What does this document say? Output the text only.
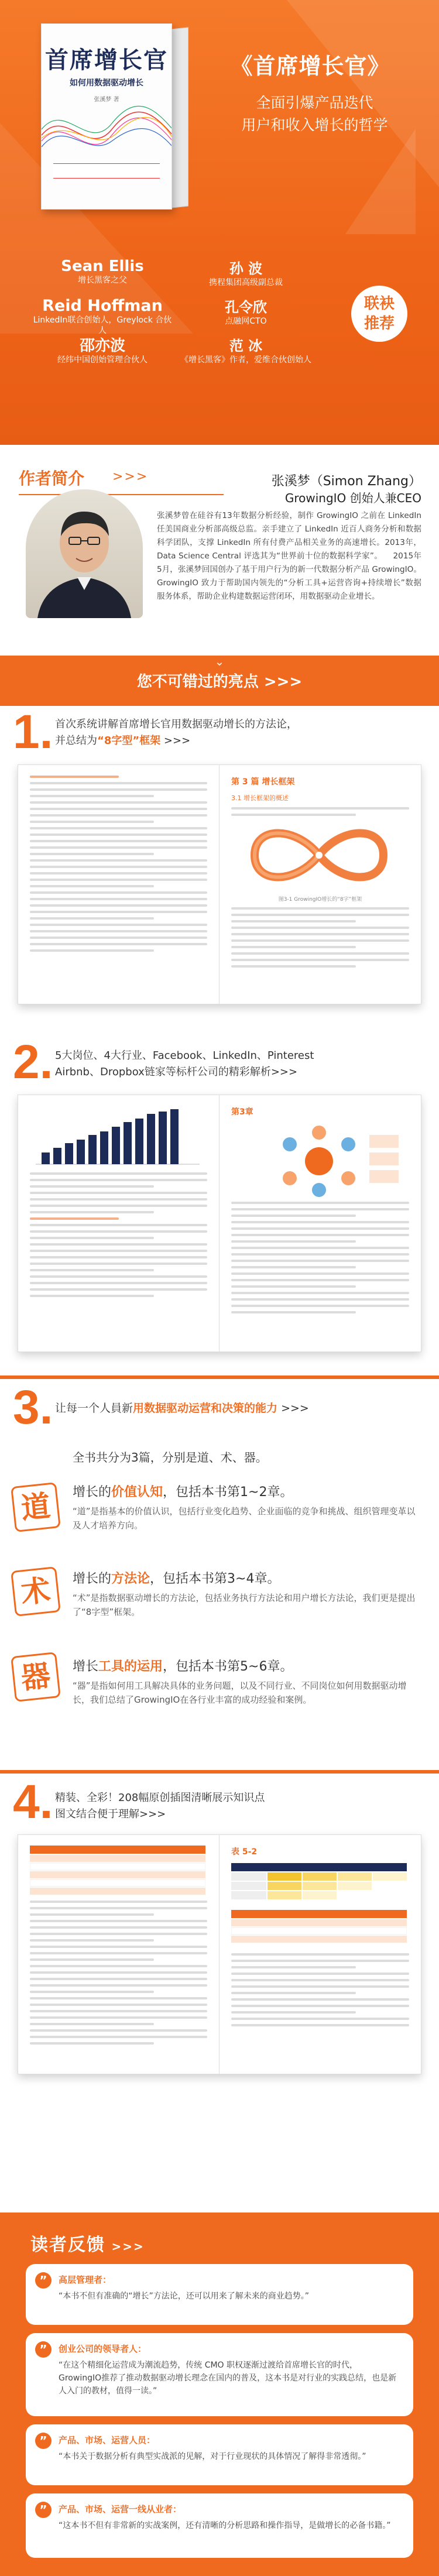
首席增长官
如何用数据驱动增长
张溪梦 著
《首席增长官》
全面引爆产品迭代
用户和收入增长的哲学
Sean Ellis
增长黑客之父
Reid Hoffman
LinkedIn联合创始人，Greylock 合伙人
邵亦波
经纬中国创始管理合伙人
孙 波
携程集团高级副总裁
孔令欣
点融网CTO
范 冰
《增长黑客》作者，爱维合伙创始人
联袂
推荐
作者简介 >>>	张溪梦（Simon Zhang）
GrowingIO 创始人兼CEO
张溪梦曾在硅谷有13年数据分析经验，制作 GrowingIO 之前在 LinkedIn 任美国商业分析部高级总监。亲手建立了 LinkedIn 近百人商务分析和数据科学团队，支撑 LinkedIn 所有付费产品相关业务的高速增长。2013年，Data Science Central 评选其为“世界前十位的数据科学家”。    2015年5月，张溪梦回国创办了基于用户行为的新一代数据分析产品 GrowingIO。GrowingIO 致力于帮助国内领先的“分析工具+运营咨询+持续增长”数据服务体系，帮助企业构建数据运营闭环，用数据驱动企业增长。
⌄
您不可错过的亮点 >>>
1. 首次系统讲解首席增长官用数据驱动增长的方法论，
并总结为“8字型”框架 >>>
第 3 篇 增长框架
3.1 增长框架的概述
图3-1 GrowingIO增长的“8字”框架
2. 5大岗位、4大行业、Facebook、LinkedIn、Pinterest
Airbnb、Dropbox链家等标杆公司的精彩解析>>>
第3章
3. 让每一个人員新用数据驱动运营和决策的能力 >>>
全书共分为3篇，分别是道、术、器。
道	增长的价值认知，包括本书第1~2章。
“道”是指基本的价值认识，包括行业变化趋势、企业面临的竞争和挑战、组织管理变革以及人才培养方向。
术	增长的方法论，包括本书第3~4章。
“术”是指数据驱动增长的方法论，包括业务执行方法论和用户增长方法论，我们更是提出了“8字型”框架。
器	增长工具的运用，包括本书第5~6章。
“器”是指如何用工具解决具体的业务问题，以及不同行业、不同岗位如何用数据驱动增长，我们总结了GrowingIO在各行业丰富的成功经验和案例。
4. 精装、全彩！208幅原创插图清晰展示知识点
图文结合便于理解>>>
表 5-2
读者反馈 >>>
”	高层管理者：
“本书不但有准确的“增长”方法论，还可以用来了解未来的商业趋势。”
”	创业公司的领导者人：
“在这个精细化运营成为潮流趋势，传统 CMO 职权逐渐过渡给首席增长官的时代，GrowingIO推荐了推动数据驱动增长理念在国内的普及，这本书是对行业的实践总结，也是新人入门的教材，值得一读。”
”	产品、市场、运营人员：
“本书关于数据分析有典型实战派的见解，对于行业现状的具体情况了解得非常透彻。”
”	产品、市场、运营一线从业者：
“这本书不但有非常新的实战案例，还有清晰的分析思路和操作指导，是做增长的必备书籍。”
